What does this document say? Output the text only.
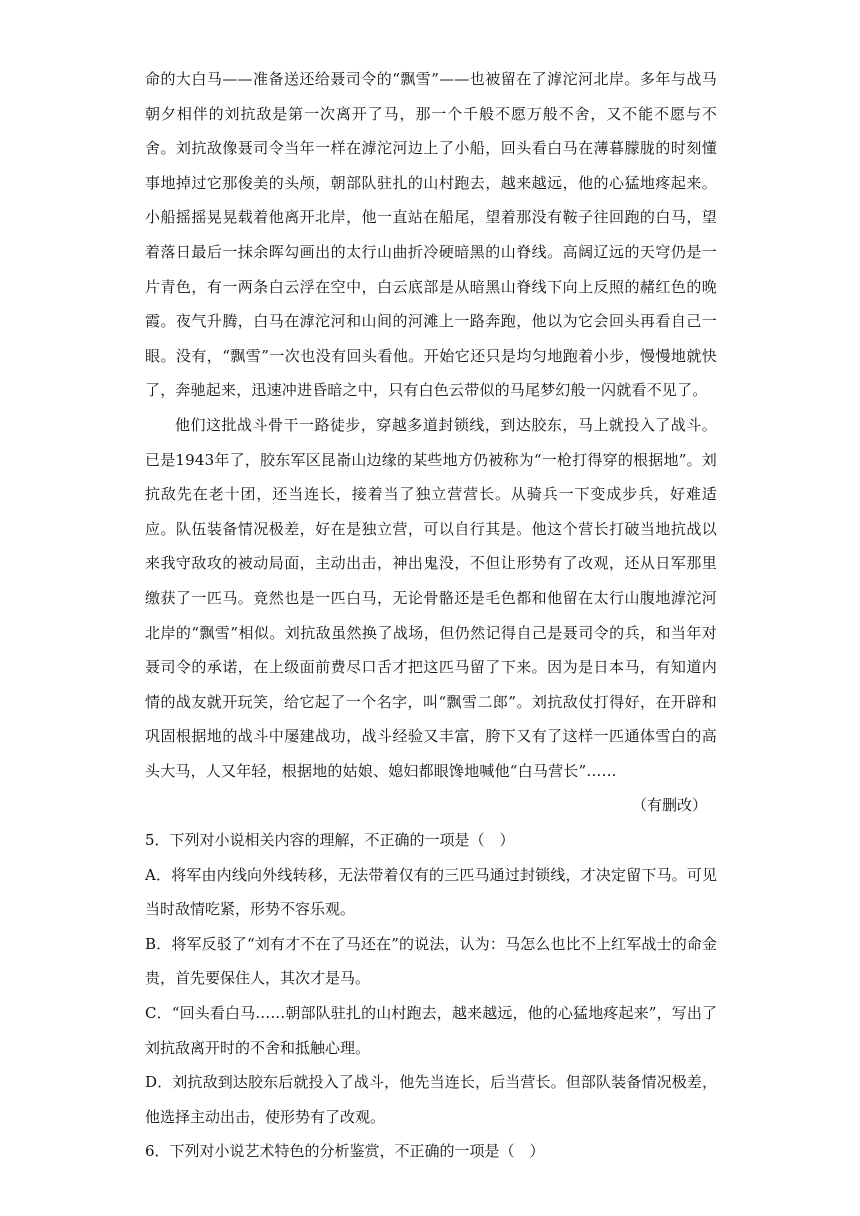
命的大白马——准备送还给聂司令的“飘雪”——也被留在了滹沱河北岸。多年与战马朝夕相伴的刘抗敌是第一次离开了马，那一个千般不愿万般不舍，又不能不愿与不舍。刘抗敌像聂司令当年一样在滹沱河边上了小船，回头看白马在薄暮朦胧的时刻懂事地掉过它那俊美的头颅，朝部队驻扎的山村跑去，越来越远，他的心猛地疼起来。小船摇摇晃晃载着他离开北岸，他一直站在船尾，望着那没有鞍子往回跑的白马，望着落日最后一抹余晖勾画出的太行山曲折冷硬暗黑的山脊线。高阔辽远的天穹仍是一片青色，有一两条白云浮在空中，白云底部是从暗黑山脊线下向上反照的赭红色的晚霞。夜气升腾，白马在滹沱河和山间的河滩上一路奔跑，他以为它会回头再看自己一眼。没有，“飘雪”一次也没有回头看他。开始它还只是均匀地跑着小步，慢慢地就快了，奔驰起来，迅速冲进昏暗之中，只有白色云带似的马尾梦幻般一闪就看不见了。

他们这批战斗骨干一路徒步，穿越多道封锁线，到达胶东，马上就投入了战斗。已是1943年了，胶东军区昆嵛山边缘的某些地方仍被称为“一枪打得穿的根据地”。刘抗敌先在老十团，还当连长，接着当了独立营营长。从骑兵一下变成步兵，好难适应。队伍装备情况极差，好在是独立营，可以自行其是。他这个营长打破当地抗战以来我守敌攻的被动局面，主动出击，神出鬼没，不但让形势有了改观，还从日军那里缴获了一匹马。竟然也是一匹白马，无论骨骼还是毛色都和他留在太行山腹地滹沱河北岸的“飘雪”相似。刘抗敌虽然换了战场，但仍然记得自己是聂司令的兵，和当年对聂司令的承诺，在上级面前费尽口舌才把这匹马留了下来。因为是日本马，有知道内情的战友就开玩笑，给它起了一个名字，叫“飘雪二郎”。刘抗敌仗打得好，在开辟和巩固根据地的战斗中屡建战功，战斗经验又丰富，胯下又有了这样一匹通体雪白的高头大马，人又年轻，根据地的姑娘、媳妇都眼馋地喊他“白马营长”……

（有删改）

5．下列对小说相关内容的理解，不正确的一项是（　）

A．将军由内线向外线转移，无法带着仅有的三匹马通过封锁线，才决定留下马。可见当时敌情吃紧，形势不容乐观。

B．将军反驳了“刘有才不在了马还在”的说法，认为：马怎么也比不上红军战士的命金贵，首先要保住人，其次才是马。

C．“回头看白马……朝部队驻扎的山村跑去，越来越远，他的心猛地疼起来”，写出了刘抗敌离开时的不舍和抵触心理。

D．刘抗敌到达胶东后就投入了战斗，他先当连长，后当营长。但部队装备情况极差，他选择主动出击，使形势有了改观。

6．下列对小说艺术特色的分析鉴赏，不正确的一项是（　）
